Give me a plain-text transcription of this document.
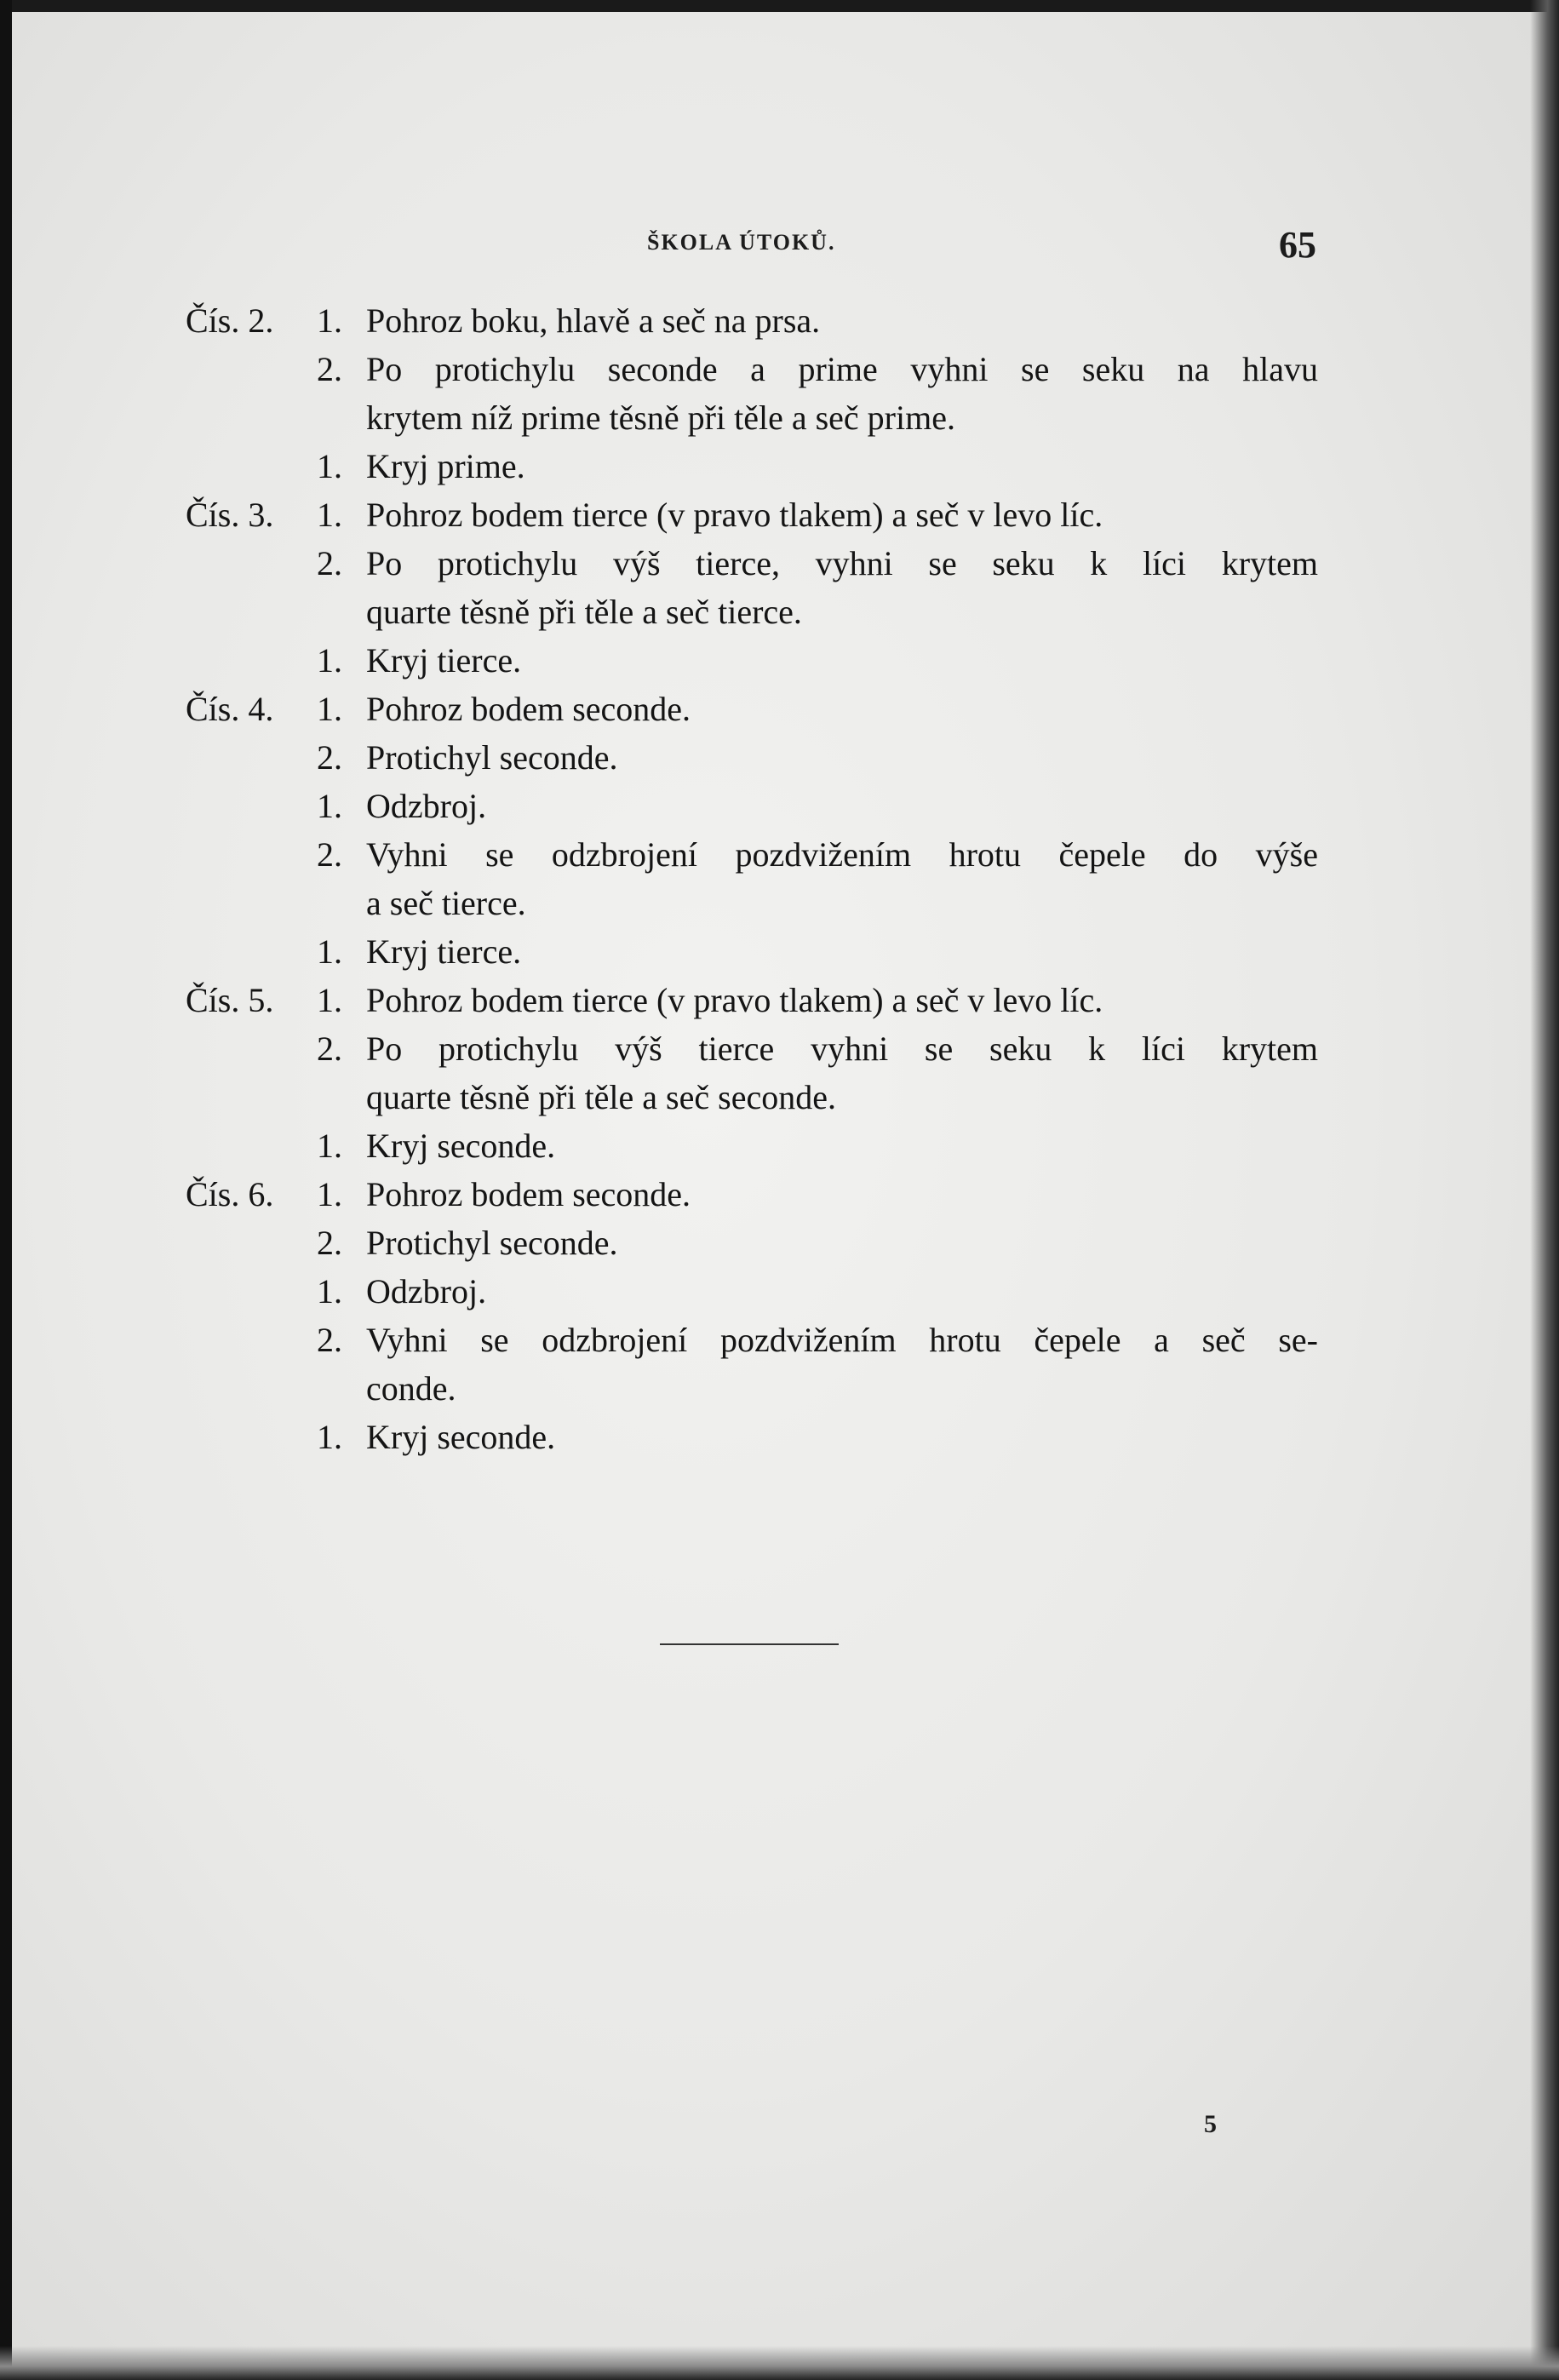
ŠKOLA ÚTOKŮ.	65
Čís. 2. 1. Pohroz boku, hlavě a seč na prsa.
2. Po protichylu seconde a prime vyhni se seku na hlavu
krytem níž prime těsně při těle a seč prime.
1. Kryj prime.
Čís. 3. 1. Pohroz bodem tierce (v pravo tlakem) a seč v levo líc.
2. Po protichylu výš tierce, vyhni se seku k líci krytem
quarte těsně při těle a seč tierce.
1. Kryj tierce.
Čís. 4. 1. Pohroz bodem seconde.
2. Protichyl seconde.
1. Odzbroj.
2. Vyhni se odzbrojení pozdvižením hrotu čepele do výše
a seč tierce.
1. Kryj tierce.
Čís. 5. 1. Pohroz bodem tierce (v pravo tlakem) a seč v levo líc.
2. Po protichylu výš tierce vyhni se seku k líci krytem
quarte těsně při těle a seč seconde.
1. Kryj seconde.
Čís. 6. 1. Pohroz bodem seconde.
2. Protichyl seconde.
1. Odzbroj.
2. Vyhni se odzbrojení pozdvižením hrotu čepele a seč se-
conde.
1. Kryj seconde.
5
